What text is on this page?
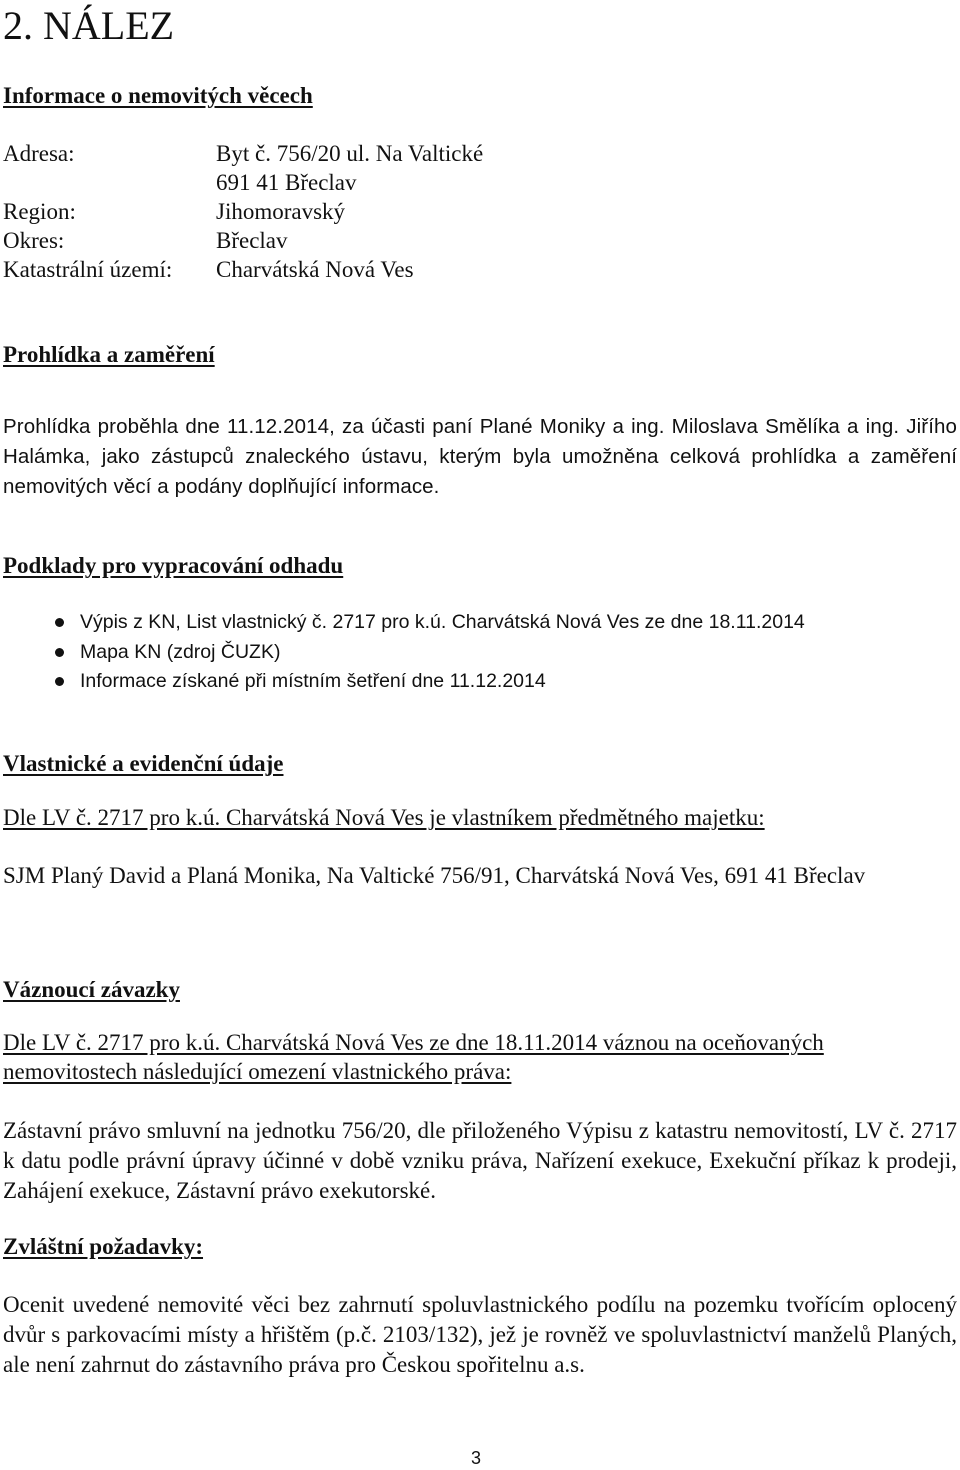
2. NÁLEZ
Informace o nemovitých věcech
Adresa:	Byt č. 756/20 ul. Na Valtické
691 41 Břeclav
Region:	Jihomoravský
Okres:	Břeclav
Katastrální území:	Charvátská Nová Ves
Prohlídka a zaměření

Prohlídka proběhla dne 11.12.2014, za účasti paní Plané Moniky a ing. Miloslava Smělíka a ing. Jiřího Halámka, jako zástupců znaleckého ústavu, kterým byla umožněna celková prohlídka a zaměření nemovitých věcí a podány doplňující informace.

Podklady pro vypracování odhadu
Výpis z KN, List vlastnický č. 2717 pro k.ú. Charvátská Nová Ves ze dne 18.11.2014
Mapa KN (zdroj ČUZK)
Informace získané při místním šetření dne 11.12.2014
Vlastnické a evidenční údaje

Dle LV č. 2717 pro k.ú. Charvátská Nová Ves je vlastníkem předmětného majetku:

SJM Planý David a Planá Monika, Na Valtické 756/91, Charvátská Nová Ves, 691 41 Břeclav

Váznoucí závazky

Dle LV č. 2717 pro k.ú. Charvátská Nová Ves ze dne 18.11.2014 váznou na oceňovaných

nemovitostech následující omezení vlastnického práva:

Zástavní právo smluvní na jednotku 756/20, dle přiloženého Výpisu z katastru nemovitostí, LV č. 2717 k datu podle právní úpravy účinné v době vzniku práva, Nařízení exekuce, Exekuční příkaz k prodeji, Zahájení exekuce, Zástavní právo exekutorské.

Zvláštní požadavky:

Ocenit uvedené nemovité věci bez zahrnutí spoluvlastnického podílu na pozemku tvořícím oplocený dvůr s parkovacími místy a hřištěm (p.č. 2103/132), jež je rovněž ve spoluvlastnictví manželů Planých, ale není zahrnut do zástavního práva pro Českou spořitelnu a.s.

3
